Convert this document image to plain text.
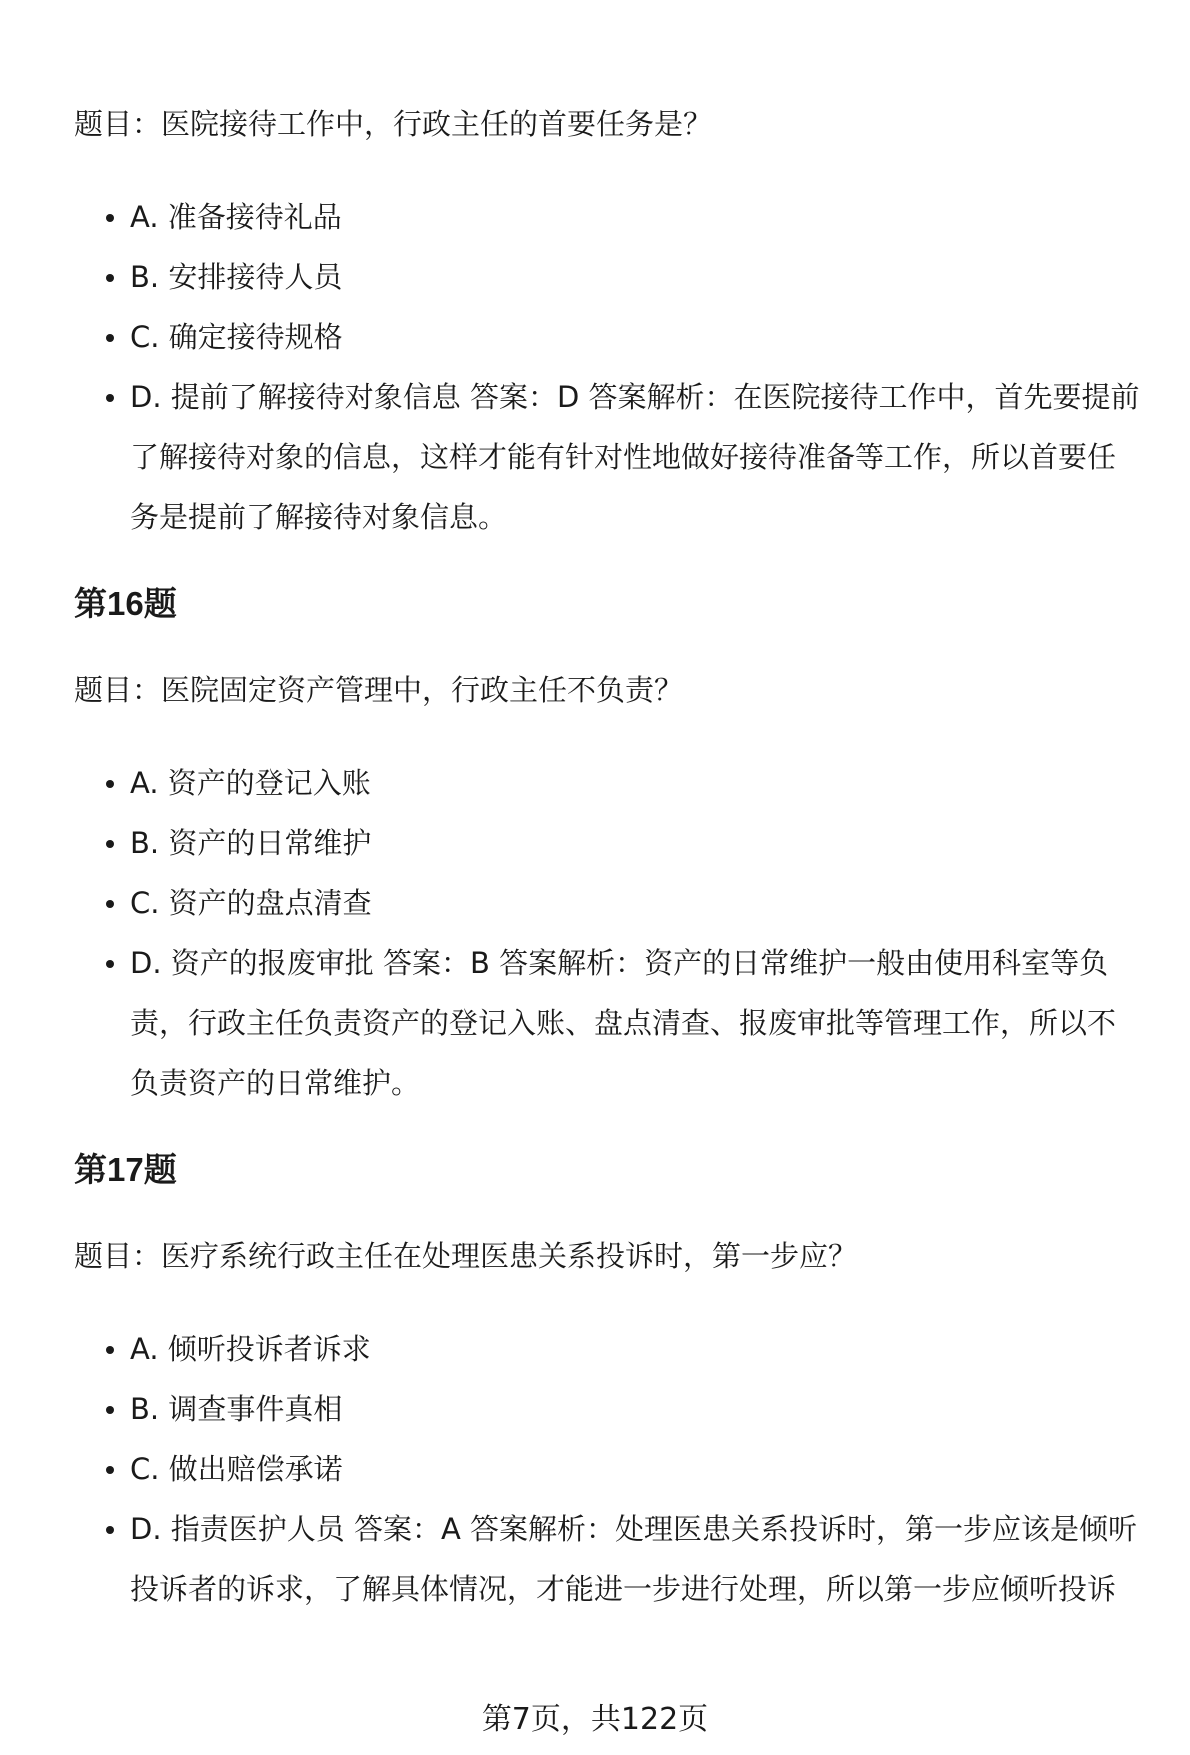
题目：医院接待工作中，行政主任的首要任务是？

A. 准备接待礼品
B. 安排接待人员
C. 确定接待规格
D. 提前了解接待对象信息 答案：D 答案解析：在医院接待工作中，首先要提前了解接待对象的信息，这样才能有针对性地做好接待准备等工作，所以首要任务是提前了解接待对象信息。
第16题

题目：医院固定资产管理中，行政主任不负责？

A. 资产的登记入账
B. 资产的日常维护
C. 资产的盘点清查
D. 资产的报废审批 答案：B 答案解析：资产的日常维护一般由使用科室等负责，行政主任负责资产的登记入账、盘点清查、报废审批等管理工作，所以不负责资产的日常维护。
第17题

题目：医疗系统行政主任在处理医患关系投诉时，第一步应？

A. 倾听投诉者诉求
B. 调查事件真相
C. 做出赔偿承诺
D. 指责医护人员 答案：A 答案解析：处理医患关系投诉时，第一步应该是倾听投诉者的诉求，了解具体情况，才能进一步进行处理，所以第一步应倾听投诉
第7页，共122页
